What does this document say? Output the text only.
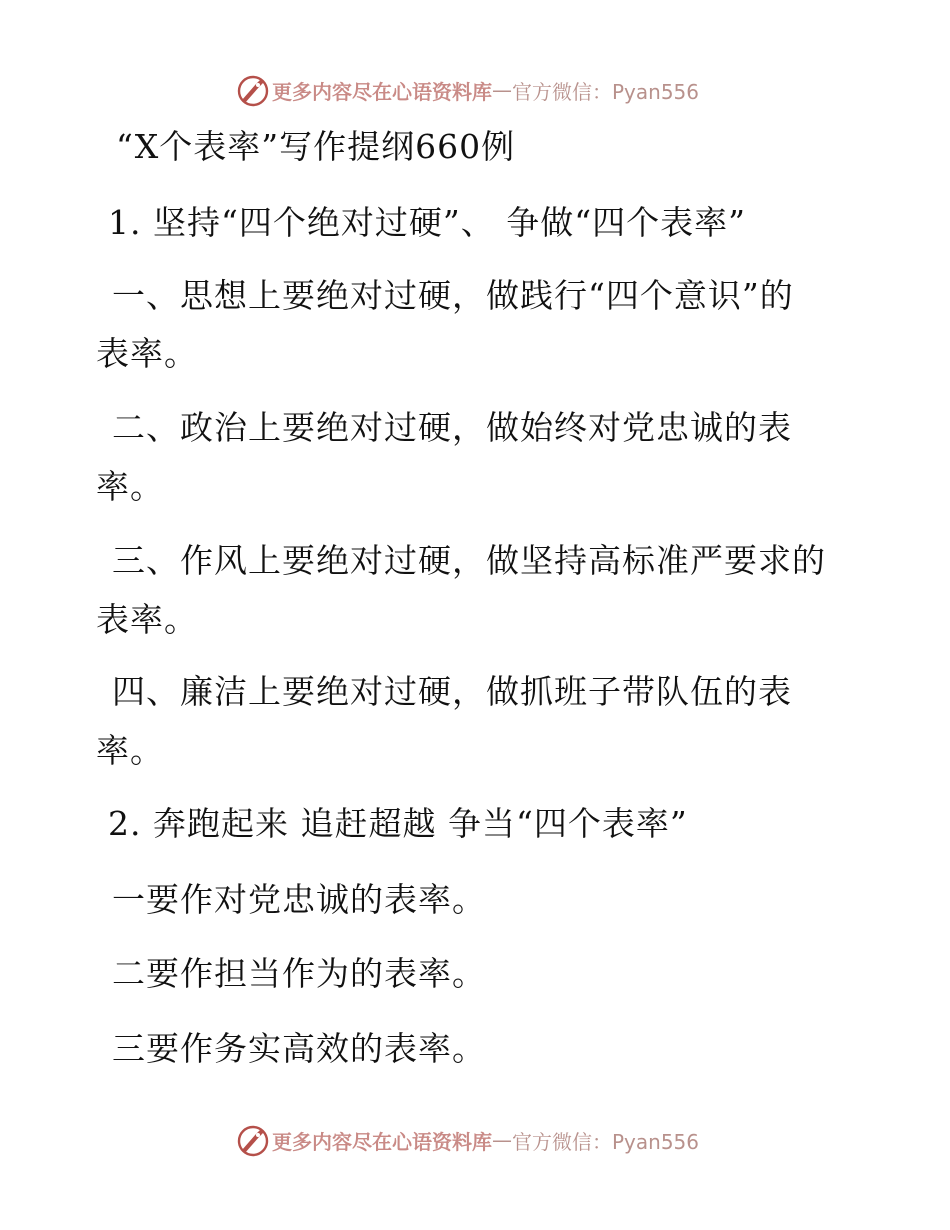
更多内容尽在心语资料库 — 官方微信：Pyan556
“X个表率”写作提纲660例
1. 坚持“四个绝对过硬”、 争做“四个表率”
一、思想上要绝对过硬，做践行“四个意识”的
表率。
二、政治上要绝对过硬，做始终对党忠诚的表
率。
三、作风上要绝对过硬，做坚持高标准严要求的
表率。
四、廉洁上要绝对过硬，做抓班子带队伍的表
率。
2. 奔跑起来 追赶超越 争当“四个表率”
一要作对党忠诚的表率。
二要作担当作为的表率。
三要作务实高效的表率。
更多内容尽在心语资料库 — 官方微信：Pyan556
